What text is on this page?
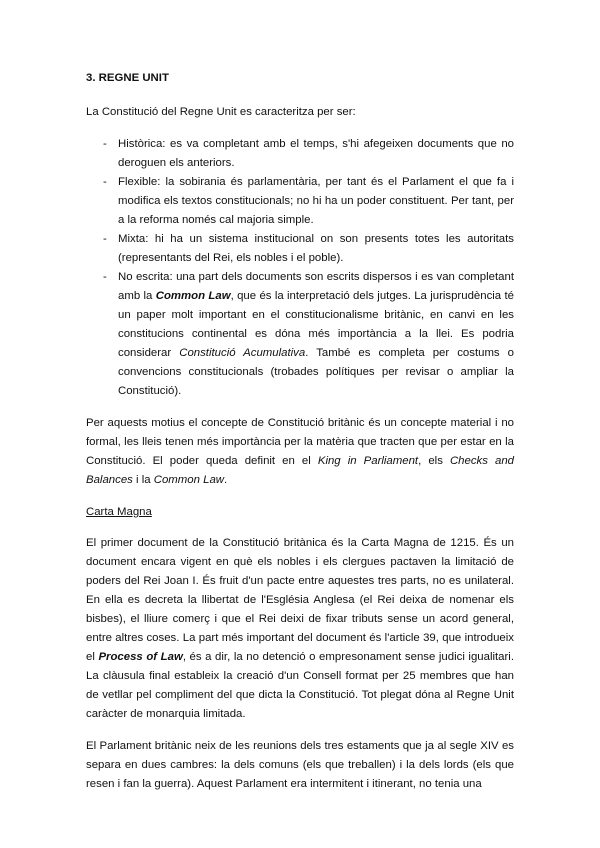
3. REGNE UNIT

La Constitució del Regne Unit es caracteritza per ser:

- Històrica: es va completant amb el temps, s'hi afegeixen documents que no deroguen els anteriors.
- Flexible: la sobirania és parlamentària, per tant és el Parlament el que fa i modifica els textos constitucionals; no hi ha un poder constituent. Per tant, per a la reforma només cal majoria simple.
- Mixta: hi ha un sistema institucional on son presents totes les autoritats (representants del Rei, els nobles i el poble).
- No escrita: una part dels documents son escrits dispersos i es van completant amb la Common Law, que és la interpretació dels jutges. La jurisprudència té un paper molt important en el constitucionalisme britànic, en canvi en les constitucions continental es dóna més importància a la llei. Es podria considerar Constitució Acumulativa. També es completa per costums o convencions constitucionals (trobades polítiques per revisar o ampliar la Constitució).

Per aquests motius el concepte de Constitució britànic és un concepte material i no formal, les lleis tenen més importància per la matèria que tracten que per estar en la Constitució. El poder queda definit en el King in Parliament, els Checks and Balances i la Common Law.

Carta Magna

El primer document de la Constitució britànica és la Carta Magna de 1215. És un document encara vigent en què els nobles i els clergues pactaven la limitació de poders del Rei Joan I. És fruit d'un pacte entre aquestes tres parts, no es unilateral. En ella es decreta la llibertat de l'Església Anglesa (el Rei deixa de nomenar els bisbes), el lliure comerç i que el Rei deixi de fixar tributs sense un acord general, entre altres coses. La part més important del document és l'article 39, que introdueix el Process of Law, és a dir, la no detenció o empresonament sense judici igualitari. La clàusula final estableix la creació d'un Consell format per 25 membres que han de vetllar pel compliment del que dicta la Constitució. Tot plegat dóna al Regne Unit caràcter de monarquia limitada.

El Parlament britànic neix de les reunions dels tres estaments que ja al segle XIV es separa en dues cambres: la dels comuns (els que treballen) i la dels lords (els que resen i fan la guerra). Aquest Parlament era intermitent i itinerant, no tenia una
